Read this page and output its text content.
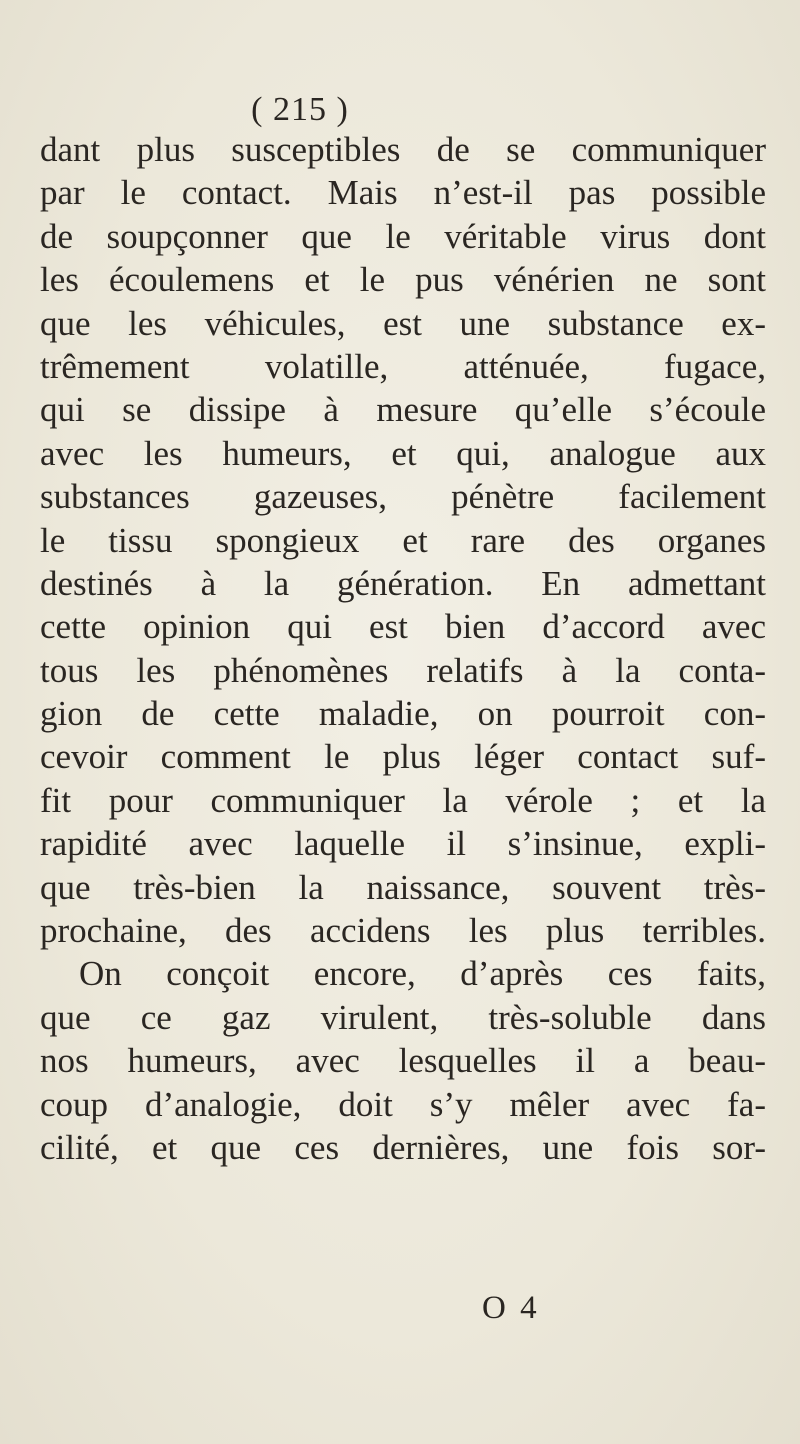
( 215 )
dant plus susceptibles de se communiquer
par le contact. Mais n’est-il pas possible
de soupçonner que le véritable virus dont
les écoulemens et le pus vénérien ne sont
que les véhicules, est une substance ex-
trêmement volatille, atténuée, fugace,
qui se dissipe à mesure qu’elle s’écoule
avec les humeurs, et qui, analogue aux
substances gazeuses, pénètre facilement
le tissu spongieux et rare des organes
destinés à la génération. En admettant
cette opinion qui est bien d’accord avec
tous les phénomènes relatifs à la conta-
gion de cette maladie, on pourroit con-
cevoir comment le plus léger contact suf-
fit pour communiquer la vérole ; et la
rapidité avec laquelle il s’insinue, expli-
que très-bien la naissance, souvent très-
prochaine, des accidens les plus terribles.
On conçoit encore, d’après ces faits,
que ce gaz virulent, très-soluble dans
nos humeurs, avec lesquelles il a beau-
coup d’analogie, doit s’y mêler avec fa-
cilité, et que ces dernières, une fois sor-
O 4
